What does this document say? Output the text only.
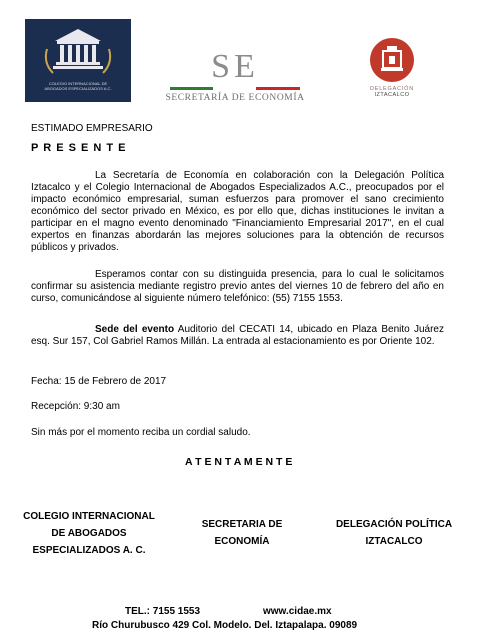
COLEGIO INTERNACIONAL DE
ABOGADOS ESPECIALIZADOS A.C.
SE
SECRETARÍA DE ECONOMÍA
DELEGACIÓN
IZTACALCO
ESTIMADO EMPRESARIO
P R E S E N T E
La Secretaría de Economía en colaboración con la Delegación Política Iztacalco y el Colegio Internacional de Abogados Especializados A.C., preocupados por el impacto económico empresarial, suman esfuerzos para promover el sano crecimiento económico del sector privado en México, es por ello que, dichas instituciones le invitan a participar en el magno evento denominado "Financiamiento Empresarial 2017", en el cual expertos en finanzas abordarán las mejores soluciones para la obtención de recursos públicos y privados.
Esperamos contar con su distinguida presencia, para lo cual le solicitamos confirmar su asistencia mediante registro previo antes del viernes 10 de febrero del año en curso, comunicándose al siguiente número telefónico: (55) 7155 1553.
Sede del evento Auditorio del CECATI 14, ubicado en Plaza Benito Juárez esq. Sur 157, Col Gabriel Ramos Millán. La entrada al estacionamiento es por Oriente 102.
Fecha: 15 de Febrero de 2017
Recepción: 9:30 am
Sin más por el momento reciba un cordial saludo.
A T E N T A M E N T E
COLEGIO INTERNACIONAL
DE ABOGADOS
ESPECIALIZADOS A. C.
SECRETARIA DE
ECONOMÍA
DELEGACIÓN POLÍTICA
IZTACALCO
TEL.: 7155 1553	www.cidae.mx
Río Churubusco 429 Col. Modelo. Del. Iztapalapa. 09089
